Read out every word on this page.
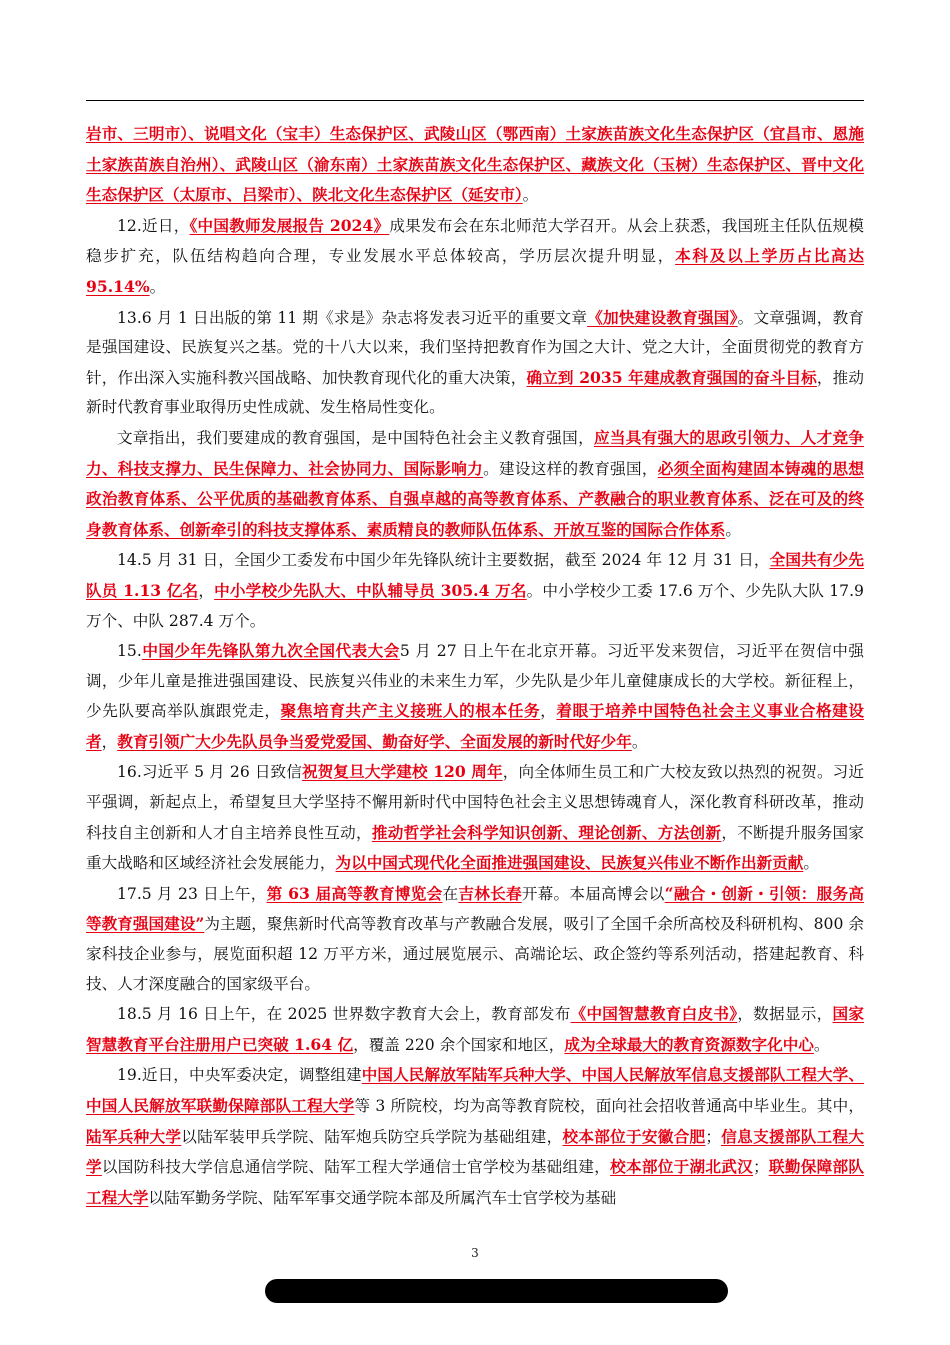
岩市、三明市）、说唱文化（宝丰）生态保护区、武陵山区（鄂西南）土家族苗族文化生态保护区（宜昌市、恩施土家族苗族自治州）、武陵山区（渝东南）土家族苗族文化生态保护区、藏族文化（玉树）生态保护区、晋中文化生态保护区（太原市、吕梁市）、陕北文化生态保护区（延安市）。

12.近日，《中国教师发展报告 2024》成果发布会在东北师范大学召开。从会上获悉，我国班主任队伍规模稳步扩充，队伍结构趋向合理，专业发展水平总体较高，学历层次提升明显，本科及以上学历占比高达 95.14%。

13.6 月 1 日出版的第 11 期《求是》杂志将发表习近平的重要文章《加快建设教育强国》。文章强调，教育是强国建设、民族复兴之基。党的十八大以来，我们坚持把教育作为国之大计、党之大计，全面贯彻党的教育方针，作出深入实施科教兴国战略、加快教育现代化的重大决策，确立到 2035 年建成教育强国的奋斗目标，推动新时代教育事业取得历史性成就、发生格局性变化。

文章指出，我们要建成的教育强国，是中国特色社会主义教育强国，应当具有强大的思政引领力、人才竞争力、科技支撑力、民生保障力、社会协同力、国际影响力。建设这样的教育强国，必须全面构建固本铸魂的思想政治教育体系、公平优质的基础教育体系、自强卓越的高等教育体系、产教融合的职业教育体系、泛在可及的终身教育体系、创新牵引的科技支撑体系、素质精良的教师队伍体系、开放互鉴的国际合作体系。

14.5 月 31 日，全国少工委发布中国少年先锋队统计主要数据，截至 2024 年 12 月 31 日，全国共有少先队员 1.13 亿名，中小学校少先队大、中队辅导员 305.4 万名。中小学校少工委 17.6 万个、少先队大队 17.9 万个、中队 287.4 万个。

15.中国少年先锋队第九次全国代表大会5 月 27 日上午在北京开幕。习近平发来贺信，习近平在贺信中强调，少年儿童是推进强国建设、民族复兴伟业的未来生力军，少先队是少年儿童健康成长的大学校。新征程上，少先队要高举队旗跟党走，聚焦培育共产主义接班人的根本任务，着眼于培养中国特色社会主义事业合格建设者，教育引领广大少先队员争当爱党爱国、勤奋好学、全面发展的新时代好少年。

16.习近平 5 月 26 日致信祝贺复旦大学建校 120 周年，向全体师生员工和广大校友致以热烈的祝贺。习近平强调，新起点上，希望复旦大学坚持不懈用新时代中国特色社会主义思想铸魂育人，深化教育科研改革，推动科技自主创新和人才自主培养良性互动，推动哲学社会科学知识创新、理论创新、方法创新，不断提升服务国家重大战略和区域经济社会发展能力，为以中国式现代化全面推进强国建设、民族复兴伟业不断作出新贡献。

17.5 月 23 日上午，第 63 届高等教育博览会在吉林长春开幕。本届高博会以“融合・创新・引领：服务高等教育强国建设”为主题，聚焦新时代高等教育改革与产教融合发展，吸引了全国千余所高校及科研机构、800 余家科技企业参与，展览面积超 12 万平方米，通过展览展示、高端论坛、政企签约等系列活动，搭建起教育、科技、人才深度融合的国家级平台。

18.5 月 16 日上午，在 2025 世界数字教育大会上，教育部发布《中国智慧教育白皮书》，数据显示，国家智慧教育平台注册用户已突破 1.64 亿，覆盖 220 余个国家和地区，成为全球最大的教育资源数字化中心。

19.近日，中央军委决定，调整组建中国人民解放军陆军兵种大学、中国人民解放军信息支援部队工程大学、中国人民解放军联勤保障部队工程大学等 3 所院校，均为高等教育院校，面向社会招收普通高中毕业生。其中，陆军兵种大学以陆军装甲兵学院、陆军炮兵防空兵学院为基础组建，校本部位于安徽合肥；信息支援部队工程大学以国防科技大学信息通信学院、陆军工程大学通信士官学校为基础组建，校本部位于湖北武汉；联勤保障部队工程大学以陆军勤务学院、陆军军事交通学院本部及所属汽车士官学校为基础

3
